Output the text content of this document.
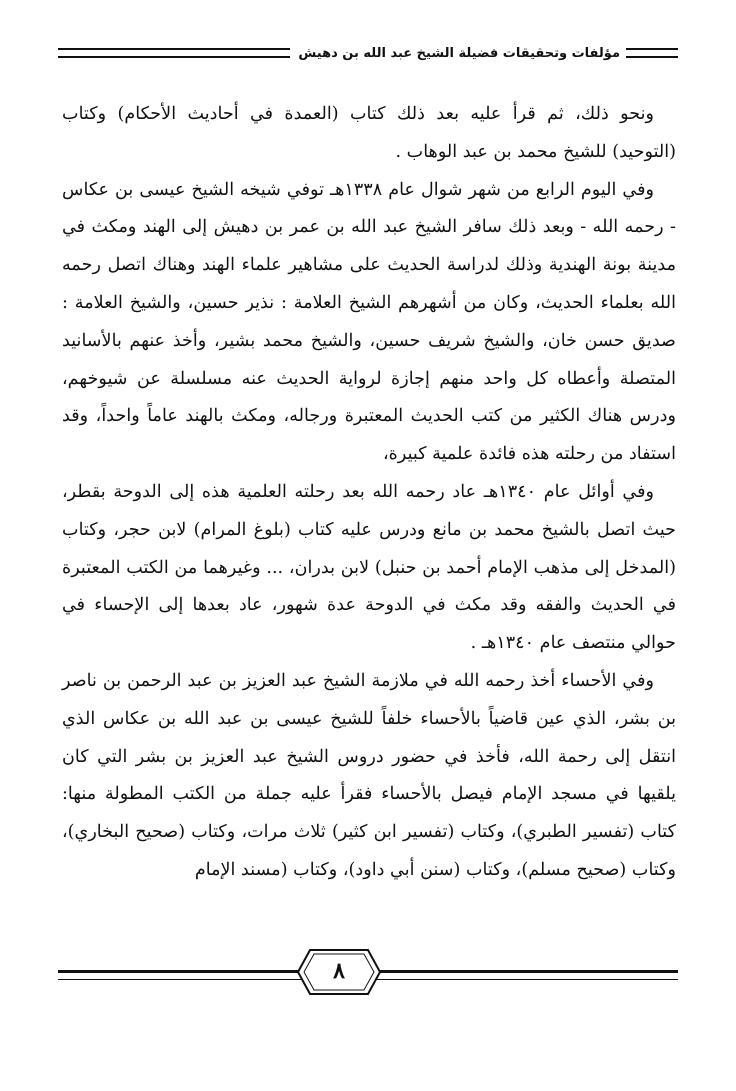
مؤلفات وتحقيقات فضيلة الشيخ عبد الله بن دهيش

ونحو ذلك، ثم قرأ عليه بعد ذلك كتاب (العمدة في أحاديث الأحكام) وكتاب (التوحيد) للشيخ محمد بن عبد الوهاب .

وفي اليوم الرابع من شهر شوال عام ١٣٣٨هـ توفي شيخه الشيخ عيسى بن عكاس - رحمه الله - وبعد ذلك سافر الشيخ عبد الله بن عمر بن دهيش إلى الهند ومكث في مدينة بونة الهندية وذلك لدراسة الحديث على مشاهير علماء الهند وهناك اتصل رحمه الله بعلماء الحديث، وكان من أشهرهم الشيخ العلامة : نذير حسين، والشيخ العلامة : صديق حسن خان، والشيخ شريف حسين، والشيخ محمد بشير، وأخذ عنهم بالأسانيد المتصلة وأعطاه كل واحد منهم إجازة لرواية الحديث عنه مسلسلة عن شيوخهم، ودرس هناك الكثير من كتب الحديث المعتبرة ورجاله، ومكث بالهند عاماً واحداً، وقد استفاد من رحلته هذه فائدة علمية كبيرة،

وفي أوائل عام ١٣٤٠هـ عاد رحمه الله بعد رحلته العلمية هذه إلى الدوحة بقطر، حيث اتصل بالشيخ محمد بن مانع ودرس عليه كتاب (بلوغ المرام) لابن حجر، وكتاب (المدخل إلى مذهب الإمام أحمد بن حنبل) لابن بدران، ... وغيرهما من الكتب المعتبرة في الحديث والفقه وقد مكث في الدوحة عدة شهور، عاد بعدها إلى الإحساء في حوالي منتصف عام ١٣٤٠هـ .

وفي الأحساء أخذ رحمه الله في ملازمة الشيخ عبد العزيز بن عبد الرحمن بن ناصر بن بشر، الذي عين قاضياً بالأحساء خلفاً للشيخ عيسى بن عبد الله بن عكاس الذي انتقل إلى رحمة الله، فأخذ في حضور دروس الشيخ عبد العزيز بن بشر التي كان يلقيها في مسجد الإمام فيصل بالأحساء فقرأ عليه جملة من الكتب المطولة منها: كتاب (تفسير الطبري)، وكتاب (تفسير ابن كثير) ثلاث مرات، وكتاب (صحيح البخاري)، وكتاب (صحيح مسلم)، وكتاب (سنن أبي داود)، وكتاب (مسند الإمام

٨
